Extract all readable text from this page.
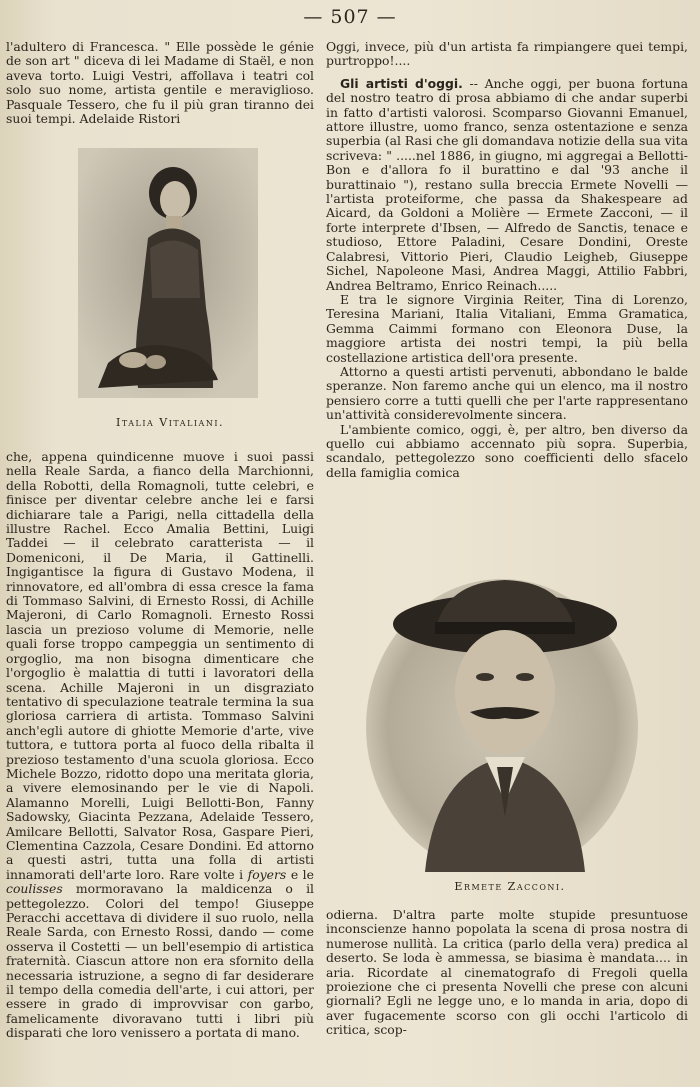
— 507 —

l'adultero di Francesca. " Elle possède le génie de son art " diceva di lei Madame di Staël, e non aveva torto. Luigi Vestri, affollava i teatri col solo suo nome, artista gentile e meraviglioso. Pasquale Tessero, che fu il più gran tiranno dei suoi tempi. Adelaide Ristori

Italia Vitaliani.

che, appena quindicenne muove i suoi passi nella Reale Sarda, a fianco della Marchionni, della Robotti, della Romagnoli, tutte celebri, e finisce per diventar celebre anche lei e farsi dichiarare tale a Parigi, nella cittadella della illustre Rachel. Ecco Amalia Bettini, Luigi Taddei — il celebrato caratterista — il Domeniconi, il De Maria, il Gattinelli. Ingigantisce la figura di Gustavo Modena, il rinnovatore, ed all'ombra di essa cresce la fama di Tommaso Salvini, di Ernesto Rossi, di Achille Majeroni, di Carlo Romagnoli. Ernesto Rossi lascia un prezioso volume di Memorie, nelle quali forse troppo campeggia un sentimento di orgoglio, ma non bisogna dimenticare che l'orgoglio è malattia di tutti i lavoratori della scena. Achille Majeroni in un disgraziato tentativo di speculazione teatrale termina la sua gloriosa carriera di artista. Tommaso Salvini anch'egli autore di ghiotte Memorie d'arte, vive tuttora, e tuttora porta al fuoco della ribalta il prezioso testamento d'una scuola gloriosa. Ecco Michele Bozzo, ridotto dopo una meritata gloria, a vivere elemosinando per le vie di Napoli. Alamanno Morelli, Luigi Bellotti-Bon, Fanny Sadowsky, Giacinta Pezzana, Adelaide Tessero, Amilcare Bellotti, Salvator Rosa, Gaspare Pieri, Clementina Cazzola, Cesare Dondini. Ed attorno a questi astri, tutta una folla di artisti innamorati dell'arte loro. Rare volte i foyers e le coulisses mormoravano la maldicenza o il pettegolezzo. Colori del tempo! Giuseppe Peracchi accettava di dividere il suo ruolo, nella Reale Sarda, con Ernesto Rossi, dando — come osserva il Costetti — un bell'esempio di artistica fraternità. Ciascun attore non era sfornito della necessaria istruzione, a segno di far desiderare il tempo della comedia dell'arte, i cui attori, per essere in grado di improvvisar con garbo, famelicamente divoravano tutti i libri più disparati che loro venissero a portata di mano.

Oggi, invece, più d'un artista fa rimpiangere quei tempi, purtroppo!....

Gli artisti d'oggi. -- Anche oggi, per buona fortuna del nostro teatro di prosa abbiamo di che andar superbi in fatto d'artisti valorosi. Scomparso Giovanni Emanuel, attore illustre, uomo franco, senza ostentazione e senza superbia (al Rasi che gli domandava notizie della sua vita scriveva: " .....nel 1886, in giugno, mi aggregai a Bellotti-Bon e d'allora fo il burattino e dal '93 anche il burattinaio "), restano sulla breccia Ermete Novelli — l'artista proteiforme, che passa da Shakespeare ad Aicard, da Goldoni a Molière — Ermete Zacconi, — il forte interprete d'Ibsen, — Alfredo de Sanctis, tenace e studioso, Ettore Paladini, Cesare Dondini, Oreste Calabresi, Vittorio Pieri, Claudio Leigheb, Giuseppe Sichel, Napoleone Masi, Andrea Maggi, Attilio Fabbri, Andrea Beltramo, Enrico Reinach.....

E tra le signore Virginia Reiter, Tina di Lorenzo, Teresina Mariani, Italia Vitaliani, Emma Gramatica, Gemma Caimmi formano con Eleonora Duse, la maggiore artista dei nostri tempi, la più bella costellazione artistica dell'ora presente.

Attorno a questi artisti pervenuti, abbondano le balde speranze. Non faremo anche qui un elenco, ma il nostro pensiero corre a tutti quelli che per l'arte rappresentano un'attività considerevolmente sincera.

L'ambiente comico, oggi, è, per altro, ben diverso da quello cui abbiamo accennato più sopra. Superbia, scandalo, pettegolezzo sono coefficienti dello sfacelo della famiglia comica

Ermete Zacconi.

odierna. D'altra parte molte stupide presuntuose inconscienze hanno popolata la scena di prosa nostra di numerose nullità. La critica (parlo della vera) predica al deserto. Se loda è ammessa, se biasima è mandata.... in aria. Ricordate al cinematografo di Fregoli quella proiezione che ci presenta Novelli che prese con alcuni giornali? Egli ne legge uno, e lo manda in aria, dopo di aver fugacemente scorso con gli occhi l'articolo di critica, scop-
